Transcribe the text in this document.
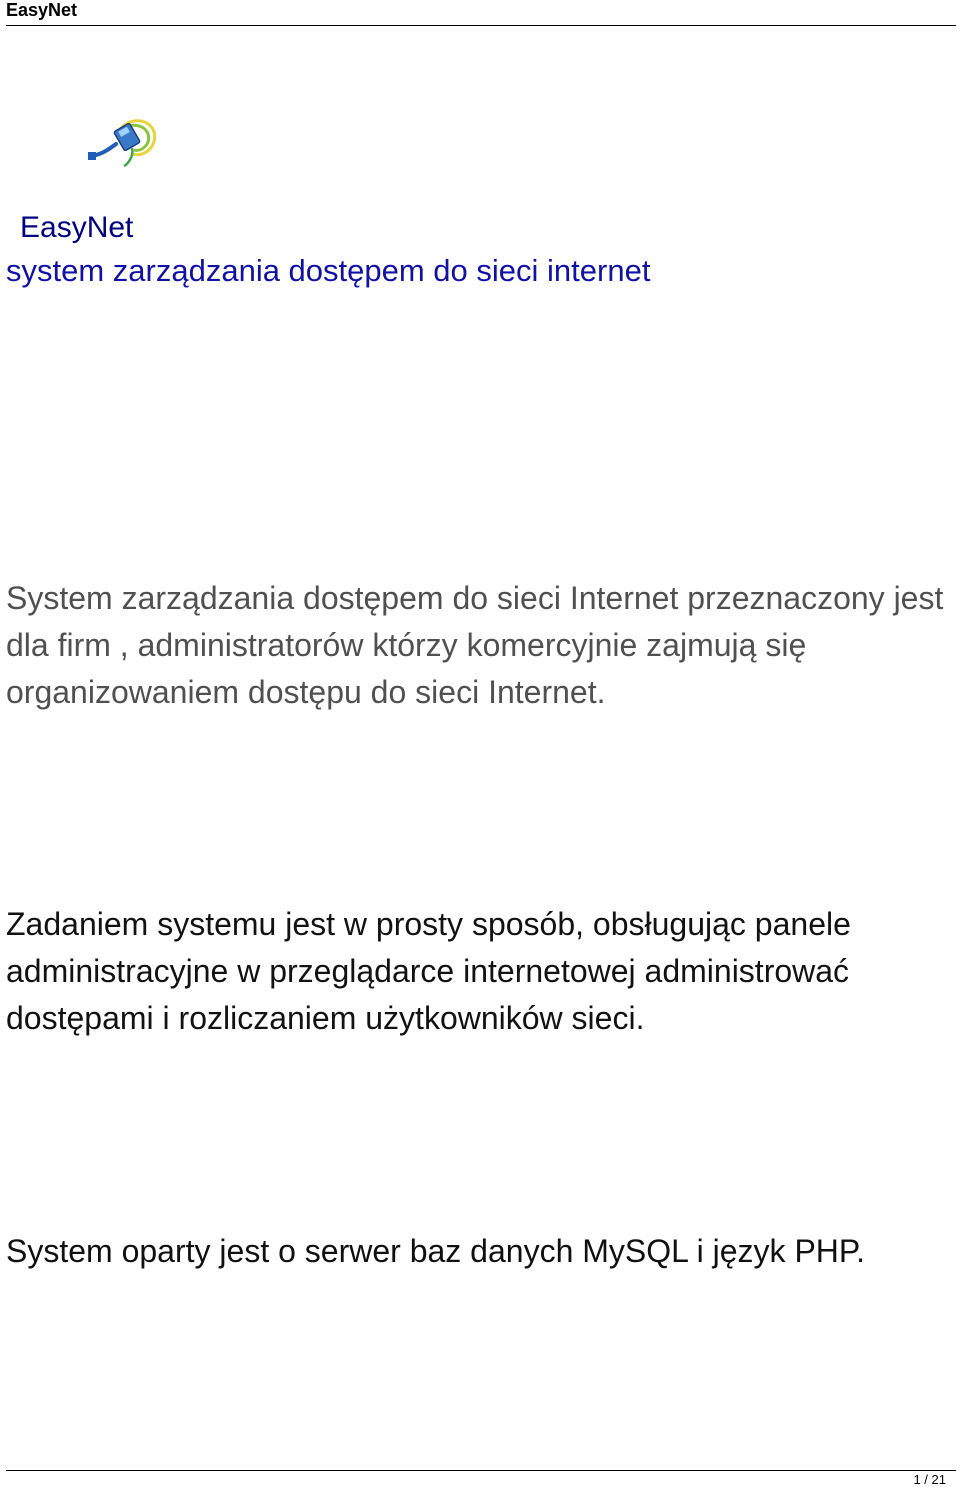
EasyNet
EasyNet
system zarządzania dostępem do sieci internet

System zarządzania dostępem do sieci Internet przeznaczony jest dla firm , administratorów którzy komercyjnie zajmują się organizowaniem dostępu do sieci Internet.

Zadaniem systemu jest w prosty sposób, obsługując panele administracyjne w przeglądarce internetowej administrować dostępami i rozliczaniem użytkowników sieci.

System oparty jest o serwer baz danych MySQL i język PHP.

1 / 21
